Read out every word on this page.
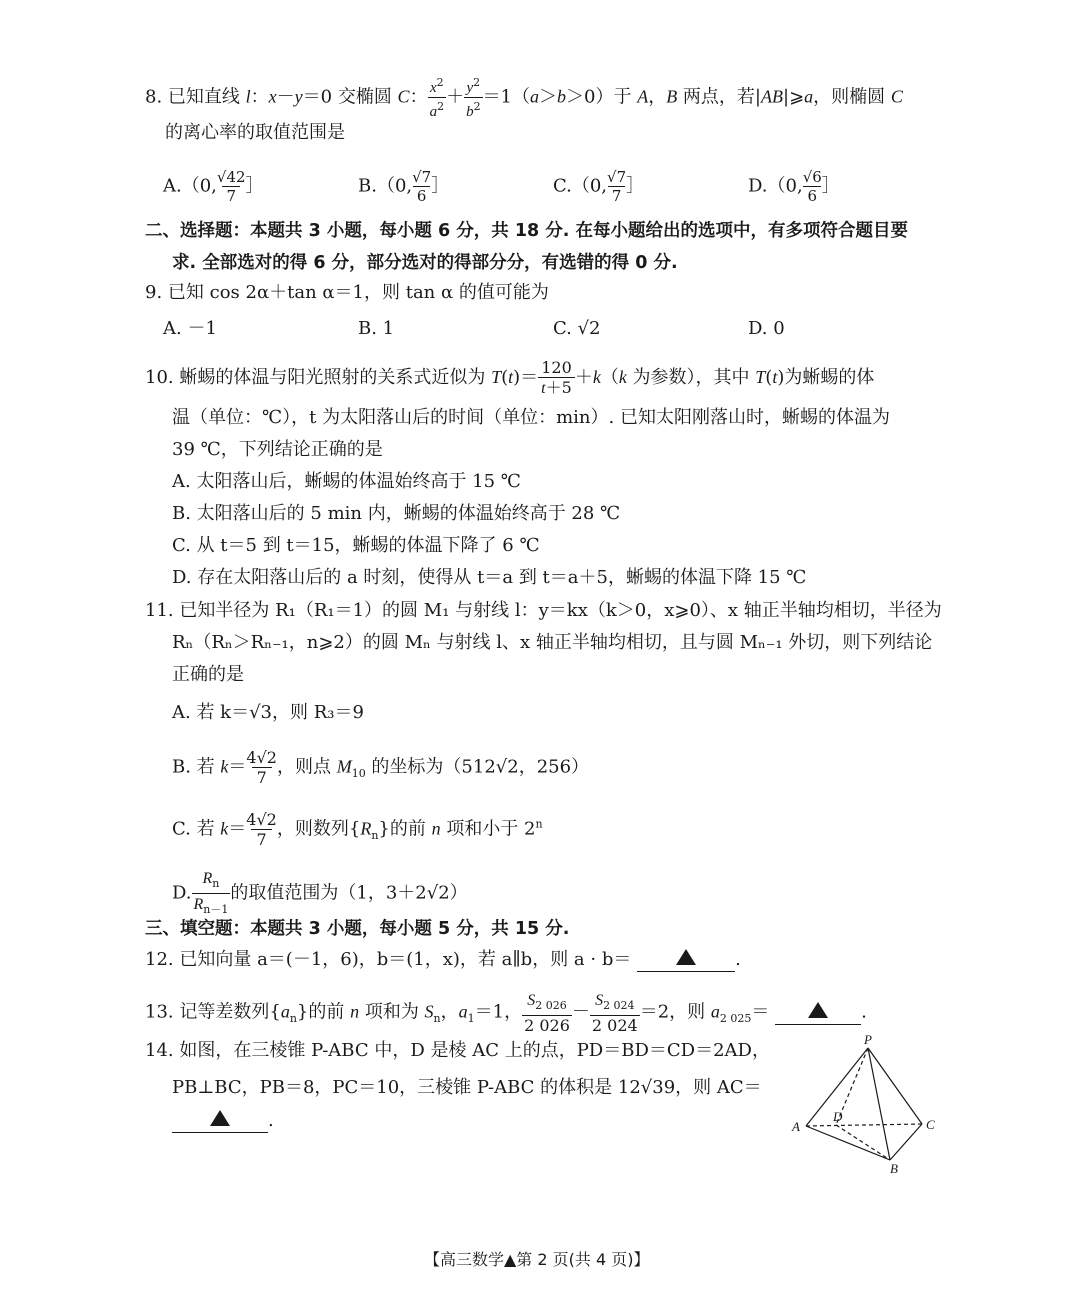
8. 已知直线 l：x－y＝0 交椭圆 C： $x^2$
$a^2 + y^2$
$b^2 =1(a>b>0)$于 A，B 两点，若|AB|⩾a，则椭圆 C
的离心率的取值范围是
A.（0,√42
7 ］	B.（0,√7
6 ］	C.（0,√7
7 ］	D.（0,√6
6 ］
二、选择题：本题共 3 小题，每小题 6 分，共 18 分. 在每小题给出的选项中，有多项符合题目要
求. 全部选对的得 6 分，部分选对的得部分分，有选错的得 0 分.
9. 已知 cos 2α＋tan α＝1，则 tan α 的值可能为
A. －1	B. 1	C. √2	D. 0
10. 蜥蜴的体温与阳光照射的关系式近似为 T(t)＝ 120
t＋5 ＋k（k 为参数），其中 T(t)为蜥蜴的体
温（单位：℃），t 为太阳落山后的时间（单位：min）. 已知太阳刚落山时，蜥蜴的体温为
39 ℃，下列结论正确的是
A. 太阳落山后，蜥蜴的体温始终高于 15 ℃
B. 太阳落山后的 5 min 内，蜥蜴的体温始终高于 28 ℃
C. 从 t＝5 到 t＝15，蜥蜴的体温下降了 6 ℃
D. 存在太阳落山后的 a 时刻，使得从 t＝a 到 t＝a＋5，蜥蜴的体温下降 15 ℃
11. 已知半径为 R₁（R₁＝1）的圆 M₁ 与射线 l：y＝kx（k＞0，x⩾0）、x 轴正半轴均相切，半径为
Rₙ（Rₙ＞Rₙ₋₁，n⩾2）的圆 Mₙ 与射线 l、x 轴正半轴均相切，且与圆 Mₙ₋₁ 外切，则下列结论
正确的是
A. 若 k＝√3，则 R₃＝9
B. 若 k＝4√2
7 ，则点 $M_{10}$ 的坐标为（512√2，256）
C. 若 k＝4√2
7 ，则数列$\{R_n\}$的前 n 项和小于 2$^n$
$D.R_n$
$R_{n-1}$的取值范围为（1，3＋2√2）
三、填空题：本题共 3 小题，每小题 5 分，共 15 分.
12. 已知向量 a＝(－1，6)，b＝(1，x)，若 a∥b，则 a · b＝	.
13. 记等差数列$\{a_n\}$的前 n 项和为 $S_n$，$a_1=1$，$S_{2 026}$
2 $026-S_{2 024}$
2 024＝2，则 $a_{2 025}=$	.
14. 如图，在三棱锥 P-ABC 中，D 是棱 AC 上的点，PD＝BD＝CD＝2AD，
PB⊥BC，PB＝8，PC＝10，三棱锥 P-ABC 的体积是 12√39，则 AC＝
.
P
A
D
C
B
【高三数学▲第 2 页(共 4 页)】
